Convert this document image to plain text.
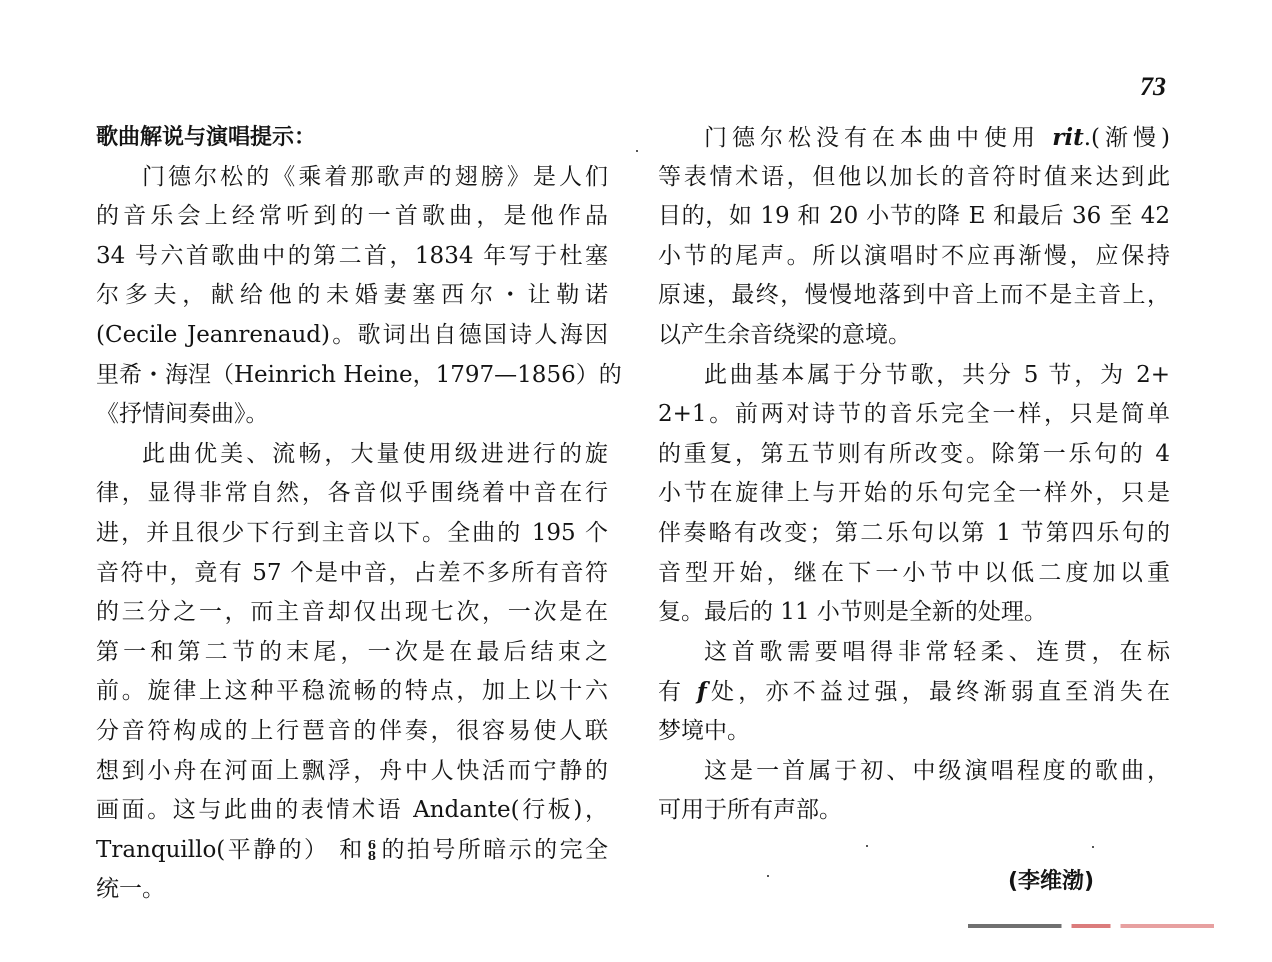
73
歌曲解说与演唱提示：
门德尔松的《乘着那歌声的翅膀》是人们
的音乐会上经常听到的一首歌曲，是他作品
34 号六首歌曲中的第二首，1834 年写于杜塞
尔多夫，献给他的未婚妻塞西尔・让勒诺
(Cecile Jeanrenaud)。歌词出自德国诗人海因
里希・海涅（Heinrich Heine，1797—1856）的
《抒情间奏曲》。
此曲优美、流畅，大量使用级进进行的旋
律，显得非常自然，各音似乎围绕着中音在行
进，并且很少下行到主音以下。全曲的 195 个
音符中，竟有 57 个是中音，占差不多所有音符
的三分之一，而主音却仅出现七次，一次是在
第一和第二节的末尾，一次是在最后结束之
前。旋律上这种平稳流畅的特点，加上以十六
分音符构成的上行琶音的伴奏，很容易使人联
想到小舟在河面上飘浮，舟中人快活而宁静的
画面。这与此曲的表情术语 Andante(行板)，
Tranquillo(平静的） 和 6
8 的拍号所暗示的完全
统一。
门德尔松没有在本曲中使用 rit.(渐慢)
等表情术语，但他以加长的音符时值来达到此
目的，如 19 和 20 小节的降 E 和最后 36 至 42
小节的尾声。所以演唱时不应再渐慢，应保持
原速，最终，慢慢地落到中音上而不是主音上，
以产生余音绕梁的意境。
此曲基本属于分节歌，共分 5 节，为 2+
2+1。前两对诗节的音乐完全一样，只是简单
的重复，第五节则有所改变。除第一乐句的 4
小节在旋律上与开始的乐句完全一样外，只是
伴奏略有改变；第二乐句以第 1 节第四乐句的
音型开始，继在下一小节中以低二度加以重
复。最后的 11 小节则是全新的处理。
这首歌需要唱得非常轻柔、连贯，在标
有 f处，亦不益过强，最终渐弱直至消失在
梦境中。
这是一首属于初、中级演唱程度的歌曲，
可用于所有声部。
(李维渤)
